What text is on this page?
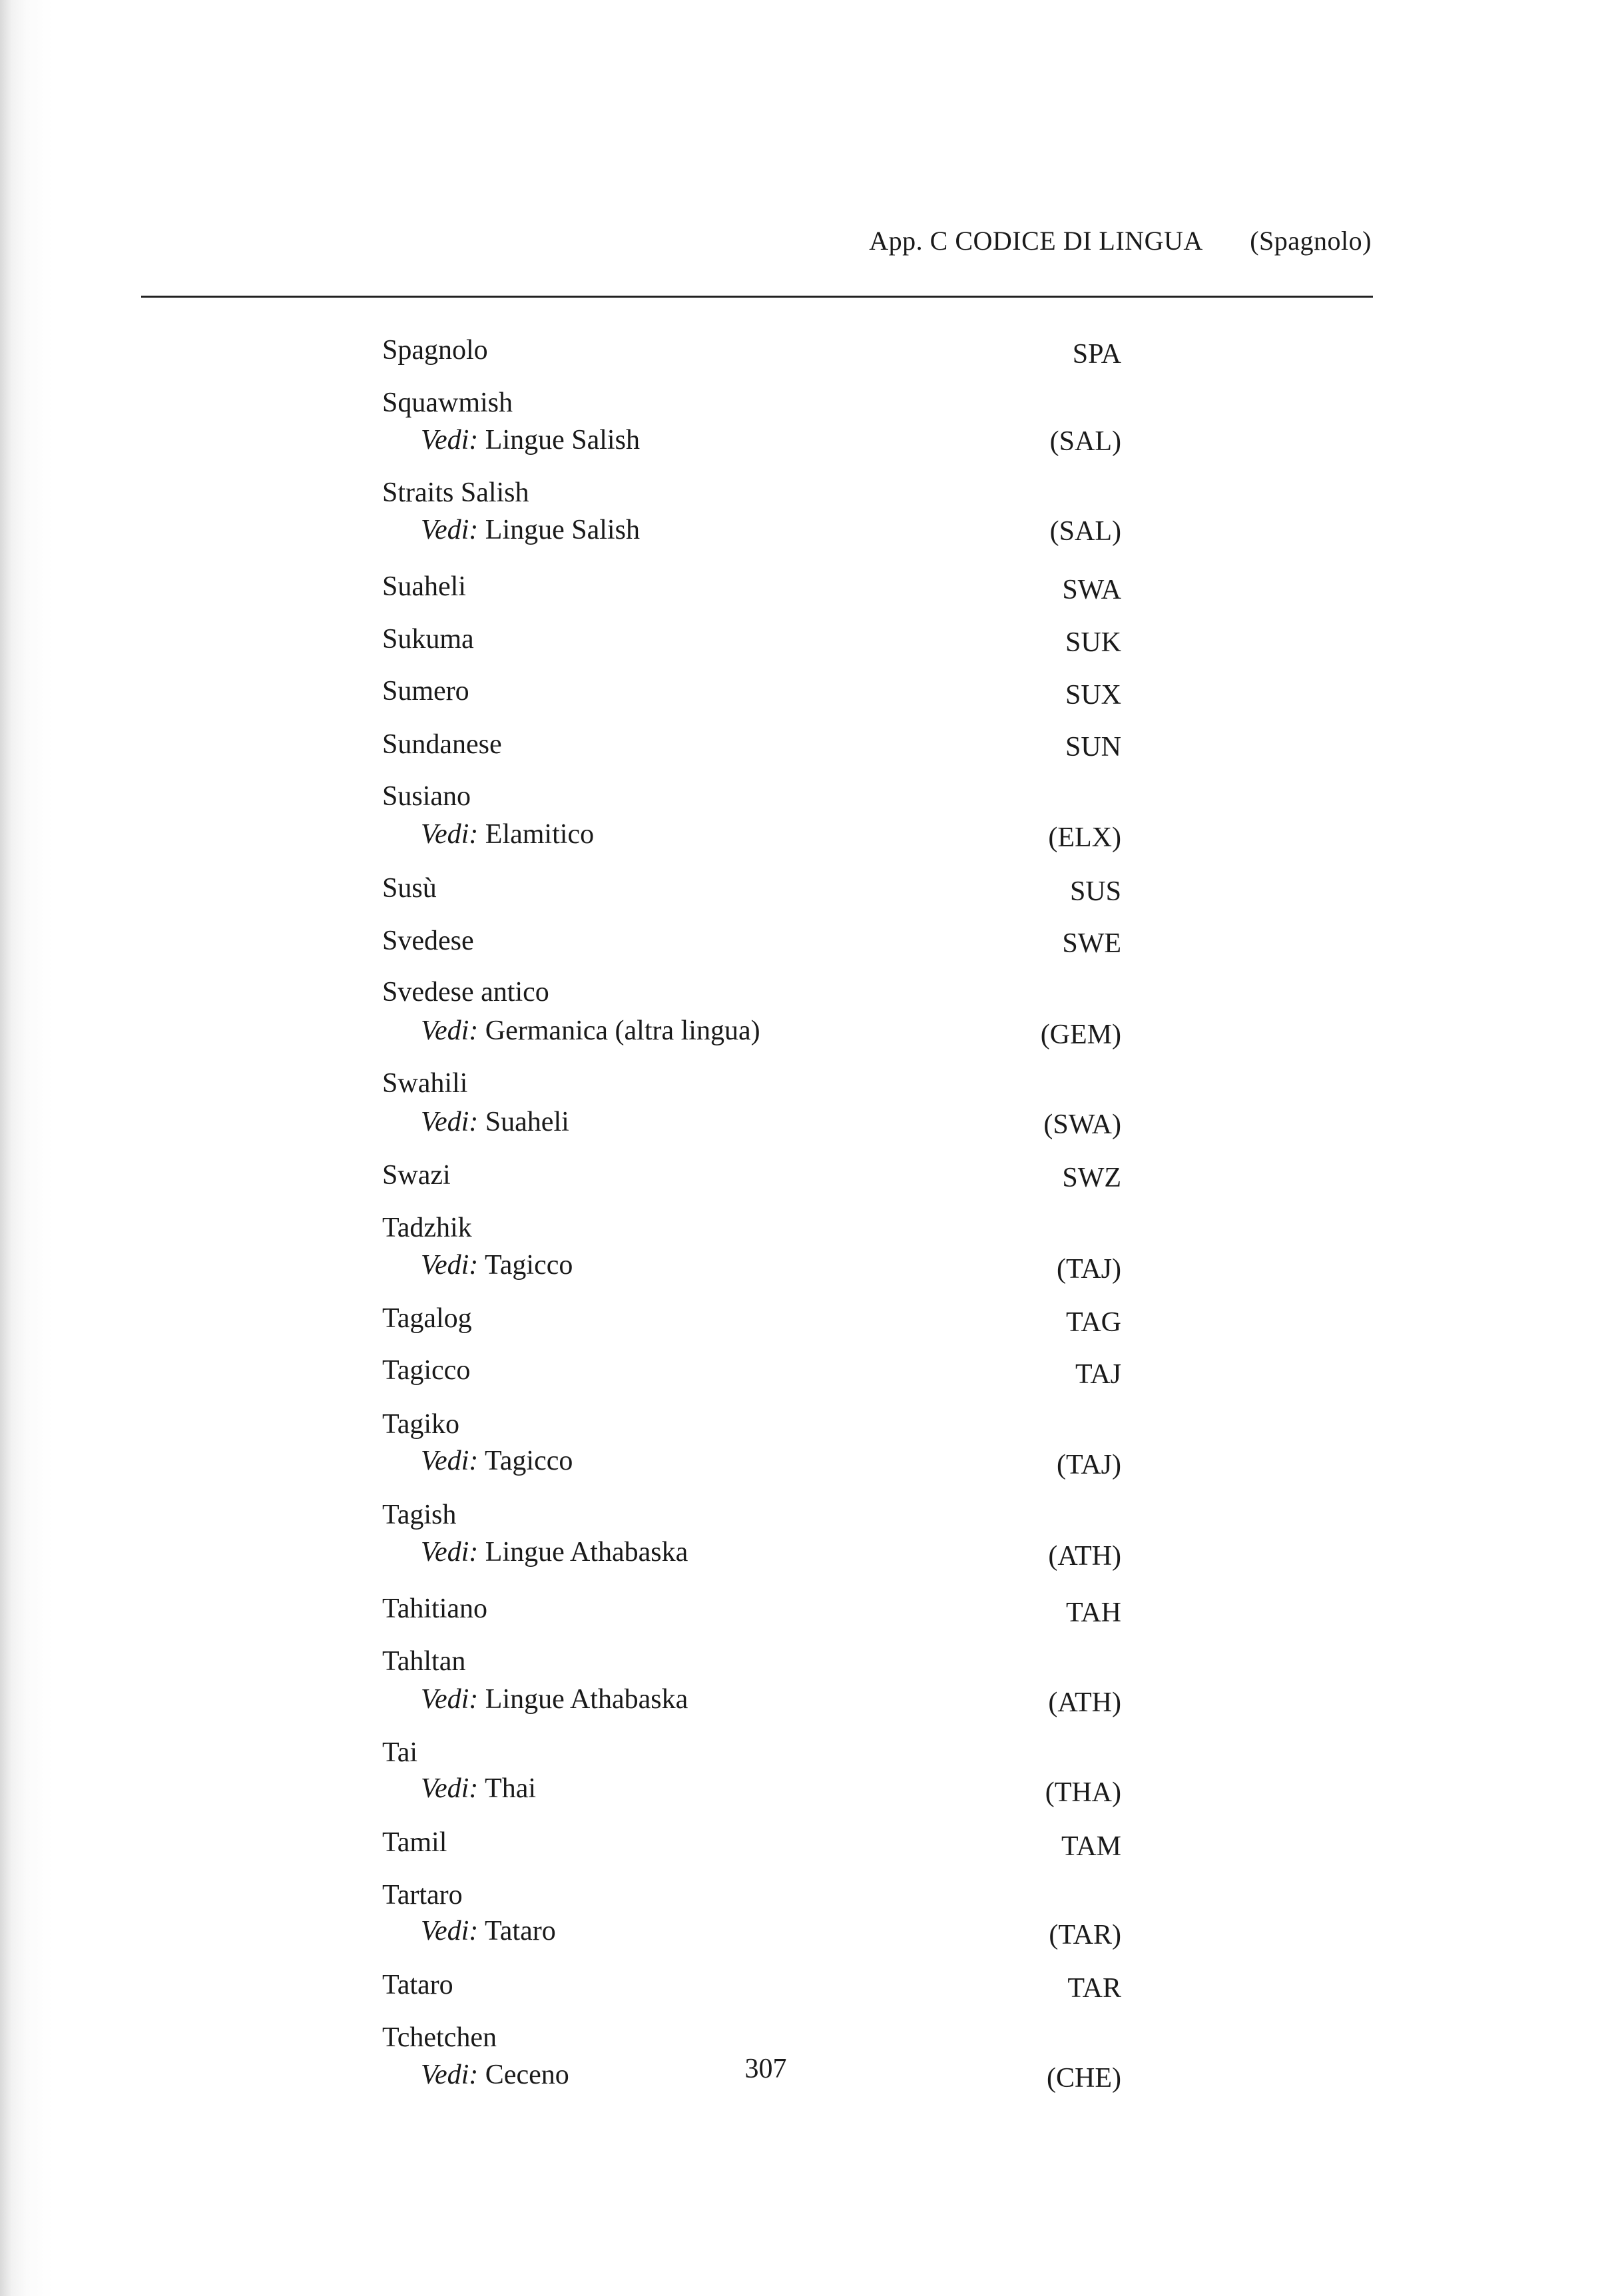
App. C CODICE DI LINGUA (Spagnolo)
Spagnolo	SPA
Squawmish
Vedi: Lingue Salish	(SAL)
Straits Salish
Vedi: Lingue Salish	(SAL)
Suaheli	SWA
Sukuma	SUK
Sumero	SUX
Sundanese	SUN
Susiano
Vedi: Elamitico	(ELX)
Susù	SUS
Svedese	SWE
Svedese antico
Vedi: Germanica (altra lingua)	(GEM)
Swahili
Vedi: Suaheli	(SWA)
Swazi	SWZ
Tadzhik
Vedi: Tagicco	(TAJ)
Tagalog	TAG
Tagicco	TAJ
Tagiko
Vedi: Tagicco	(TAJ)
Tagish
Vedi: Lingue Athabaska	(ATH)
Tahitiano	TAH
Tahltan
Vedi: Lingue Athabaska	(ATH)
Tai
Vedi: Thai	(THA)
Tamil	TAM
Tartaro
Vedi: Tataro	(TAR)
Tataro	TAR
Tchetchen
Vedi: Ceceno	(CHE)
307
